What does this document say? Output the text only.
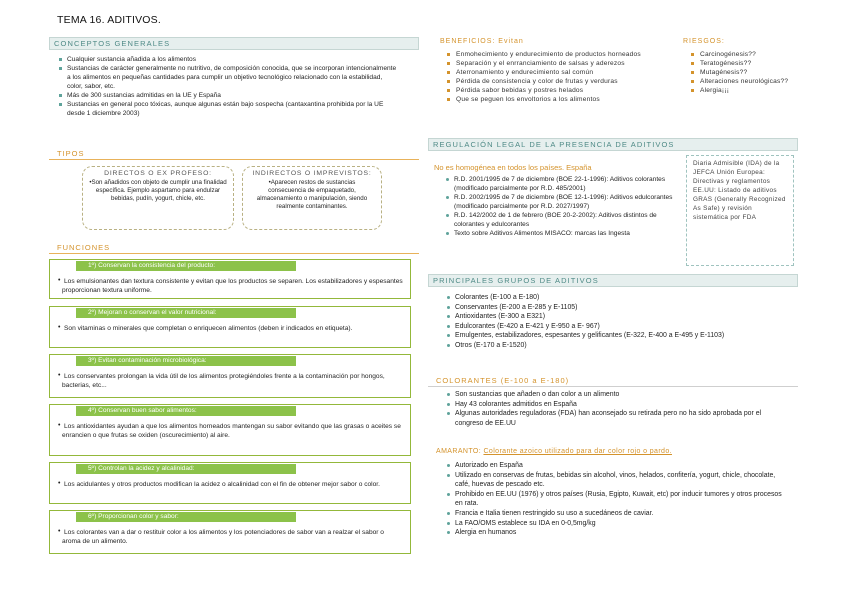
TEMA 16. ADITIVOS.
CONCEPTOS GENERALES
Cualquier sustancia añadida a los alimentos
Sustancias de carácter generalmente no nutritivo, de composición conocida, que se incorporan intencionalmente a los alimentos en pequeñas cantidades para cumplir un objetivo tecnológico relacionado con la estabilidad, color, sabor, etc.
Más de 300 sustancias admitidas en la UE y España
Sustancias en general poco tóxicas, aunque algunas están bajo sospecha (cantaxantina prohibida por la UE desde 1 diciembre 2003)
TIPOS
DIRECTOS O EX PROFESO:
•Son añadidos con objeto de cumplir una finalidad específica. Ejemplo aspartamo para endulzar bebidas, pudín, yogurt, chicle, etc.
INDIRECTOS O IMPREVISTOS:
•Aparecen restos de sustancias consecuencia de empaquetado, almacenamiento o manipulación, siendo realmente contaminantes.
FUNCIONES
1º) Conservan la consistencia del producto:
• Los emulsionantes dan textura consistente y evitan que los productos se separen. Los estabilizadores y espesantes proporcionan textura uniforme.
2º) Mejoran o conservan el valor nutricional:
• Son vitaminas o minerales que completan o enriquecen alimentos (deben ir indicados en etiqueta).
3º) Evitan contaminación microbiológica:
• Los conservantes prolongan la vida útil de los alimentos protegiéndoles frente a la contaminación por hongos, bacterias, etc...
4º) Conservan buen sabor alimentos:
• Los antioxidantes ayudan a que los alimentos horneados mantengan su sabor evitando que las grasas o aceites se enrancien o que frutas se oxiden (oscurecimiento) al aire.
5º) Controlan la acidez y alcalinidad:
• Los acidulantes y otros productos modifican la acidez o alcalinidad con el fin de obtener mejor sabor o color.
6º) Proporcionan color y sabor:
• Los colorantes van a dar o restituir color a los alimentos y los potenciadores de sabor van a realzar el sabor o aroma de un alimento.
BENEFICIOS: Evitan
Enmohecimiento y endurecimiento de productos horneados
Separación y el enrranciamiento de salsas y aderezos
Aterronamiento y endurecimiento sal común
Pérdida de consistencia y color de frutas y verduras
Pérdida sabor bebidas y postres helados
Que se peguen los envoltorios a los alimentos
RIESGOS:
Carcinogénesis??
Teratogénesis??
Mutagénesis??
Alteraciones neurológicas??
Alergia¡¡¡
REGULACIÓN LEGAL DE LA PRESENCIA DE ADITIVOS
No es homogénea en todos los países. España
R.D. 2001/1995 de 7 de diciembre (BOE 22-1-1996): Aditivos colorantes (modificado parcialmente por R.D. 485/2001)
R.D. 2002/1995 de 7 de diciembre (BOE 12-1-1996): Aditivos edulcorantes (modificado parcialmente por R.D. 2027/1997)
R.D. 142/2002 de 1 de febrero (BOE 20-2-2002): Aditivos distintos de colorantes y edulcorantes
Texto sobre Aditivos Alimentos MISACO: marcas las Ingesta
Diaria Admisible (IDA) de la JEFCA Unión Europea: Directivas y reglamentos EE.UU: Listado de aditivos GRAS (Generally Recognized As Safe) y revisión sistemática por FDA
PRINCIPALES GRUPOS DE ADITIVOS
Colorantes (E-100 a E-180)
Conservantes (E-200 a E-285 y E-1105)
Antioxidantes (E-300 a E321)
Edulcorantes (E-420 a E-421 y E-950 a E- 967)
Emulgentes, estabilizadores, espesantes y gelificantes (E-322, E-400 a E-495 y E-1103)
Otros (E-170 a E-1520)
COLORANTES (E-100 a E-180)
Son sustancias que añaden o dan color a un alimento
Hay 43 colorantes admitidos en España
Algunas autoridades reguladoras (FDA) han aconsejado su retirada pero no ha sido aprobada por el congreso de EE.UU
AMARANTO: Colorante azoico utilizado para dar color rojo o pardo.
Autorizado en España
Utilizado en conservas de frutas, bebidas sin alcohol, vinos, helados, confitería, yogurt, chicle, chocolate, café, huevas de pescado etc.
Prohibido en EE.UU (1976) y otros países (Rusia, Egipto, Kuwait, etc) por inducir tumores y otros procesos en rata.
Francia e Italia tienen restringido su uso a sucedáneos de caviar.
La FAO/OMS establece su IDA en 0-0,5mg/kg
Alergia en humanos
